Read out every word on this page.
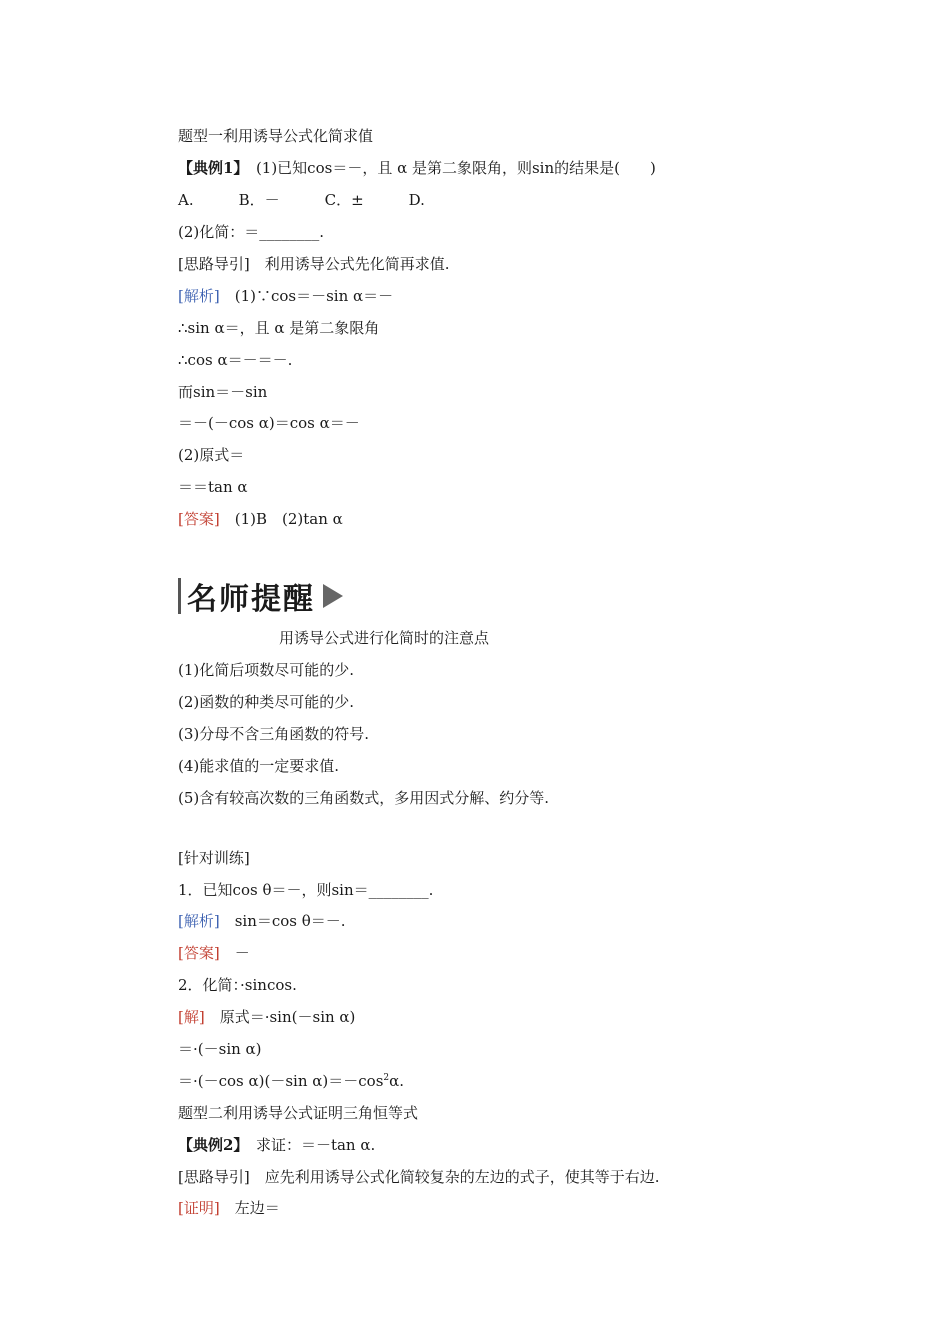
题型一利用诱导公式化简求值
【典例1】　(1)已知cos＝－，且 α 是第二象限角，则sin的结果是(　　)
A.　　　B．－　　　C．±　　　D.
(2)化简：＝________.
[思路导引]　利用诱导公式先化简再求值.
[解析]　(1)∵cos＝－sin α＝－
∴sin α＝，且 α 是第二象限角
∴cos α＝－＝－.
而sin＝－sin
＝－(－cos α)＝cos α＝－
(2)原式＝
＝＝tan α
[答案]　(1)B　(2)tan α
名师提醒
用诱导公式进行化简时的注意点
(1)化简后项数尽可能的少.
(2)函数的种类尽可能的少.
(3)分母不含三角函数的符号.
(4)能求值的一定要求值.
(5)含有较高次数的三角函数式，多用因式分解、约分等.
[针对训练]
1．已知cos θ＝－，则sin＝________.
[解析]　sin＝cos θ＝－.
[答案]　－
2．化简：·sincos.
[解]　原式＝·sin(－sin α)
＝·(－sin α)
＝·(－cos α)(－sin $\alpha)=-\cos^2\alpha$.
题型二利用诱导公式证明三角恒等式
【典例2】　求证：＝－tan α.
[思路导引]　应先利用诱导公式化简较复杂的左边的式子，使其等于右边.
[证明]　左边＝
